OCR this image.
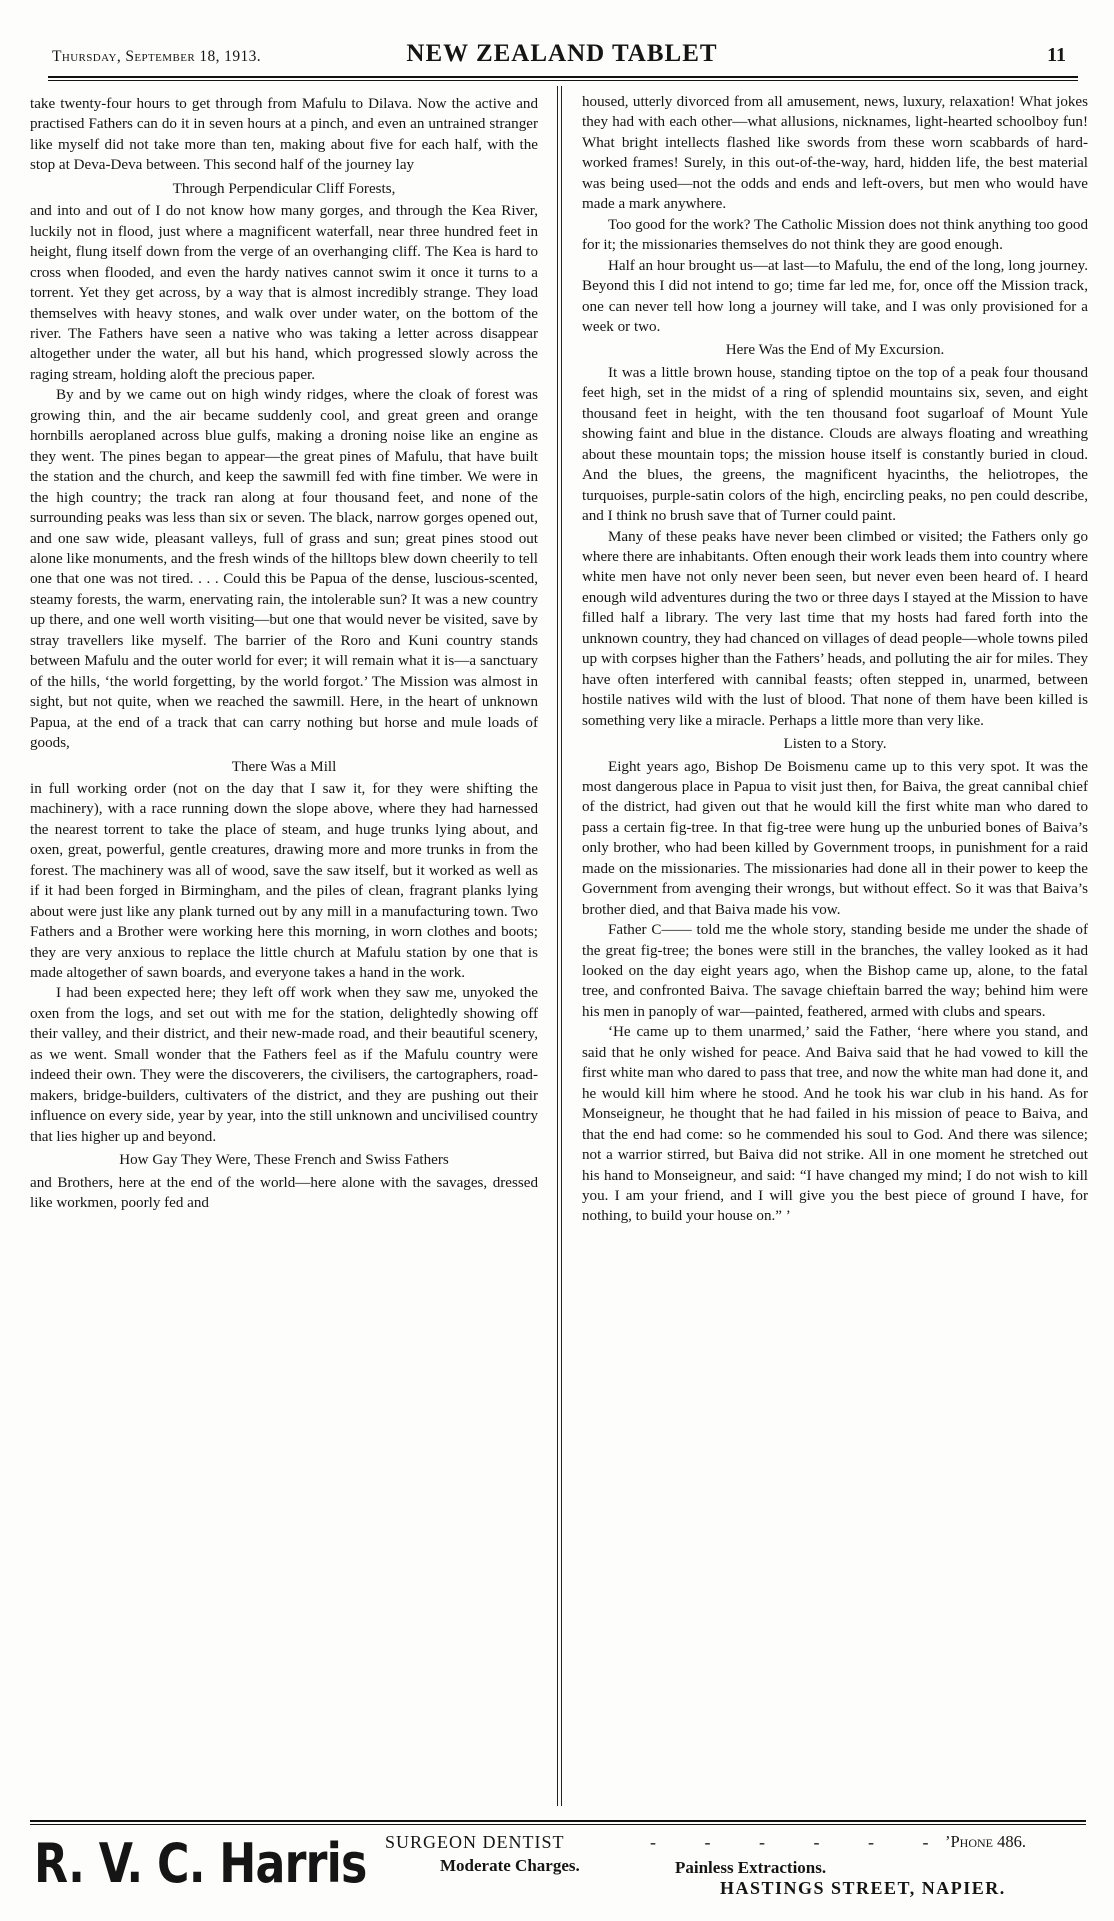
Thursday, September 18, 1913.	NEW ZEALAND TABLET	11

take twenty-four hours to get through from Mafulu to Dilava. Now the active and practised Fathers can do it in seven hours at a pinch, and even an untrained stranger like myself did not take more than ten, making about five for each half, with the stop at Deva-Deva between. This second half of the journey lay

Through Perpendicular Cliff Forests,

and into and out of I do not know how many gorges, and through the Kea River, luckily not in flood, just where a magnificent waterfall, near three hundred feet in height, flung itself down from the verge of an overhanging cliff. The Kea is hard to cross when flooded, and even the hardy natives cannot swim it once it turns to a torrent. Yet they get across, by a way that is almost incredibly strange. They load themselves with heavy stones, and walk over under water, on the bottom of the river. The Fathers have seen a native who was taking a letter across disappear altogether under the water, all but his hand, which progressed slowly across the raging stream, holding aloft the precious paper.

By and by we came out on high windy ridges, where the cloak of forest was growing thin, and the air became suddenly cool, and great green and orange hornbills aeroplaned across blue gulfs, making a droning noise like an engine as they went. The pines began to appear—the great pines of Mafulu, that have built the station and the church, and keep the sawmill fed with fine timber. We were in the high country; the track ran along at four thousand feet, and none of the surrounding peaks was less than six or seven. The black, narrow gorges opened out, and one saw wide, pleasant valleys, full of grass and sun; great pines stood out alone like monuments, and the fresh winds of the hilltops blew down cheerily to tell one that one was not tired. . . . Could this be Papua of the dense, luscious-scented, steamy forests, the warm, enervating rain, the intolerable sun? It was a new country up there, and one well worth visiting—but one that would never be visited, save by stray travellers like myself. The barrier of the Roro and Kuni country stands between Mafulu and the outer world for ever; it will remain what it is—a sanctuary of the hills, ‘the world forgetting, by the world forgot.’ The Mission was almost in sight, but not quite, when we reached the sawmill. Here, in the heart of unknown Papua, at the end of a track that can carry nothing but horse and mule loads of goods,

There Was a Mill

in full working order (not on the day that I saw it, for they were shifting the machinery), with a race running down the slope above, where they had harnessed the nearest torrent to take the place of steam, and huge trunks lying about, and oxen, great, powerful, gentle creatures, drawing more and more trunks in from the forest. The machinery was all of wood, save the saw itself, but it worked as well as if it had been forged in Birmingham, and the piles of clean, fragrant planks lying about were just like any plank turned out by any mill in a manufacturing town. Two Fathers and a Brother were working here this morning, in worn clothes and boots; they are very anxious to replace the little church at Mafulu station by one that is made altogether of sawn boards, and everyone takes a hand in the work.

I had been expected here; they left off work when they saw me, unyoked the oxen from the logs, and set out with me for the station, delightedly showing off their valley, and their district, and their new-made road, and their beautiful scenery, as we went. Small wonder that the Fathers feel as if the Mafulu country were indeed their own. They were the discoverers, the civilisers, the cartographers, road-makers, bridge-builders, cultivaters of the district, and they are pushing out their influence on every side, year by year, into the still unknown and uncivilised country that lies higher up and beyond.

How Gay They Were, These French and Swiss Fathers

and Brothers, here at the end of the world—here alone with the savages, dressed like workmen, poorly fed and

housed, utterly divorced from all amusement, news, luxury, relaxation! What jokes they had with each other—what allusions, nicknames, light-hearted schoolboy fun! What bright intellects flashed like swords from these worn scabbards of hard-worked frames! Surely, in this out-of-the-way, hard, hidden life, the best material was being used—not the odds and ends and left-overs, but men who would have made a mark anywhere.

Too good for the work? The Catholic Mission does not think anything too good for it; the missionaries themselves do not think they are good enough.

Half an hour brought us—at last—to Mafulu, the end of the long, long journey. Beyond this I did not intend to go; time far led me, for, once off the Mission track, one can never tell how long a journey will take, and I was only provisioned for a week or two.

Here Was the End of My Excursion.

It was a little brown house, standing tiptoe on the top of a peak four thousand feet high, set in the midst of a ring of splendid mountains six, seven, and eight thousand feet in height, with the ten thousand foot sugarloaf of Mount Yule showing faint and blue in the distance. Clouds are always floating and wreathing about these mountain tops; the mission house itself is constantly buried in cloud. And the blues, the greens, the magnificent hyacinths, the heliotropes, the turquoises, purple-satin colors of the high, encircling peaks, no pen could describe, and I think no brush save that of Turner could paint.

Many of these peaks have never been climbed or visited; the Fathers only go where there are inhabitants. Often enough their work leads them into country where white men have not only never been seen, but never even been heard of. I heard enough wild adventures during the two or three days I stayed at the Mission to have filled half a library. The very last time that my hosts had fared forth into the unknown country, they had chanced on villages of dead people—whole towns piled up with corpses higher than the Fathers’ heads, and polluting the air for miles. They have often interfered with cannibal feasts; often stepped in, unarmed, between hostile natives wild with the lust of blood. That none of them have been killed is something very like a miracle. Perhaps a little more than very like.

Listen to a Story.

Eight years ago, Bishop De Boismenu came up to this very spot. It was the most dangerous place in Papua to visit just then, for Baiva, the great cannibal chief of the district, had given out that he would kill the first white man who dared to pass a certain fig-tree. In that fig-tree were hung up the unburied bones of Baiva’s only brother, who had been killed by Government troops, in punishment for a raid made on the missionaries. The missionaries had done all in their power to keep the Government from avenging their wrongs, but without effect. So it was that Baiva’s brother died, and that Baiva made his vow.

Father C—— told me the whole story, standing beside me under the shade of the great fig-tree; the bones were still in the branches, the valley looked as it had looked on the day eight years ago, when the Bishop came up, alone, to the fatal tree, and confronted Baiva. The savage chieftain barred the way; behind him were his men in panoply of war—painted, feathered, armed with clubs and spears.

‘He came up to them unarmed,’ said the Father, ‘here where you stand, and said that he only wished for peace. And Baiva said that he had vowed to kill the first white man who dared to pass that tree, and now the white man had done it, and he would kill him where he stood. And he took his war club in his hand. As for Monseigneur, he thought that he had failed in his mission of peace to Baiva, and that the end had come: so he commended his soul to God. And there was silence; not a warrior stirred, but Baiva did not strike. All in one moment he stretched out his hand to Monseigneur, and said: “I have changed my mind; I do not wish to kill you. I am your friend, and I will give you the best piece of ground I have, for nothing, to build your house on.” ’

R. V. C. Harris SURGEON DENTIST
Moderate Charges.
- - - - - -
’Phone 486.
Painless Extractions.
HASTINGS STREET, NAPIER.
